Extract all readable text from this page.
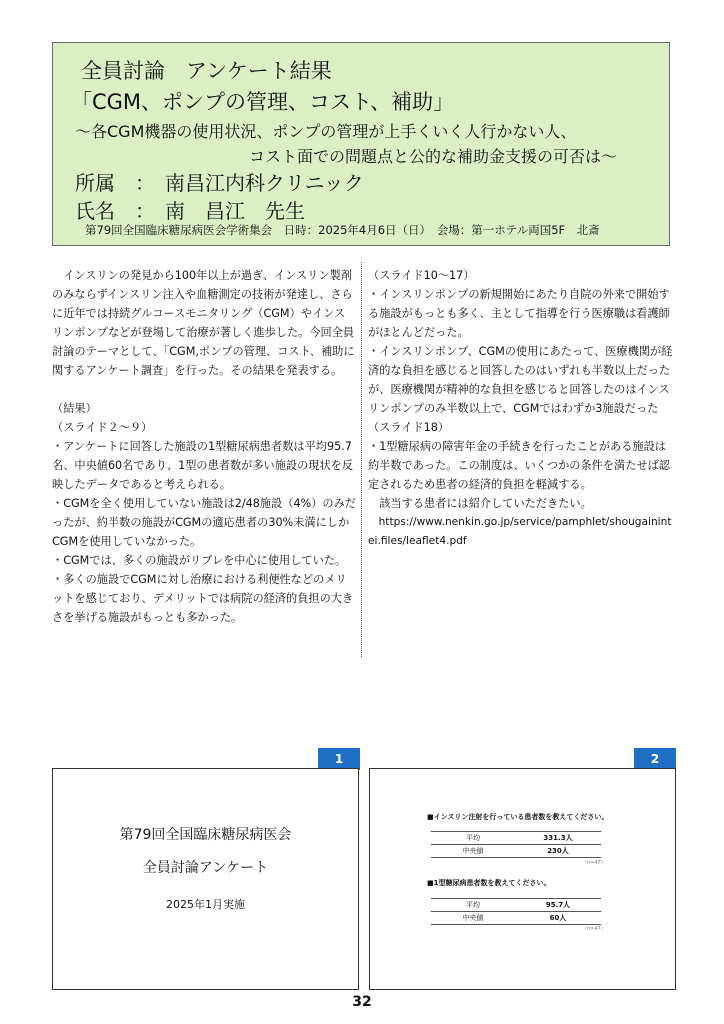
全員討論　アンケート結果
「CGM、ポンプの管理、コスト、補助」
～各CGM機器の使用状況、ポンプの管理が上手くいく人行かない人、
コスト面での問題点と公的な補助金支援の可否は～
所属　：　南昌江内科クリニック
氏名　：　南　昌江　先生
第79回全国臨床糖尿病医会学術集会　日時：2025年4月6日（日）　会場：第一ホテル両国5F　北斎

　インスリンの発見から100年以上が過ぎ、インスリン製剤のみならずインスリン注入や血糖測定の技術が発達し、さらに近年では持続グルコースモニタリング（CGM）やインスリンポンプなどが登場して治療が著しく進歩した。今回全員討論のテーマとして、「CGM,ポンプの管理、コスト、補助に関するアンケート調査」を行った。その結果を発表する。

（結果）

（スライド２～９）

・アンケートに回答した施設の1型糖尿病患者数は平均95.7名、中央値60名であり、1型の患者数が多い施設の現状を反映したデータであると考えられる。

・CGMを全く使用していない施設は2/48施設（4%）のみだったが、約半数の施設がCGMの適応患者の30%未満にしかCGMを使用していなかった。

・CGMでは、多くの施設がリブレを中心に使用していた。

・多くの施設でCGMに対し治療における利便性などのメリットを感じており、デメリットでは病院の経済的負担の大きさを挙げる施設がもっとも多かった。

（スライド10～17）

・インスリンポンプの新規開始にあたり自院の外来で開始する施設がもっとも多く、主として指導を行う医療職は看護師がほとんどだった。

・インスリンポンプ、CGMの使用にあたって、医療機関が経済的な負担を感じると回答したのはいずれも半数以上だったが、医療機関が精神的な負担を感じると回答したのはインスリンポンプのみ半数以上で、CGMではわずか3施設だった

（スライド18）

・1型糖尿病の障害年金の手続きを行ったことがある施設は約半数であった。この制度は、いくつかの条件を満たせば認定されるため患者の経済的負担を軽減する。

　該当する患者には紹介していただきたい。

　https://www.nenkin.go.jp/service/pamphlet/shougainintei.files/leaflet4.pdf

1
第79回全国臨床糖尿病医会
全員討論アンケート
2025年1月実施
2
■インスリン注射を行っている患者数を教えてください。
平均	331.3人
中央値	230人
（n=47）
■1型糖尿病患者数を教えてください。
平均	95.7人
中央値	60人
（n=47）
32
